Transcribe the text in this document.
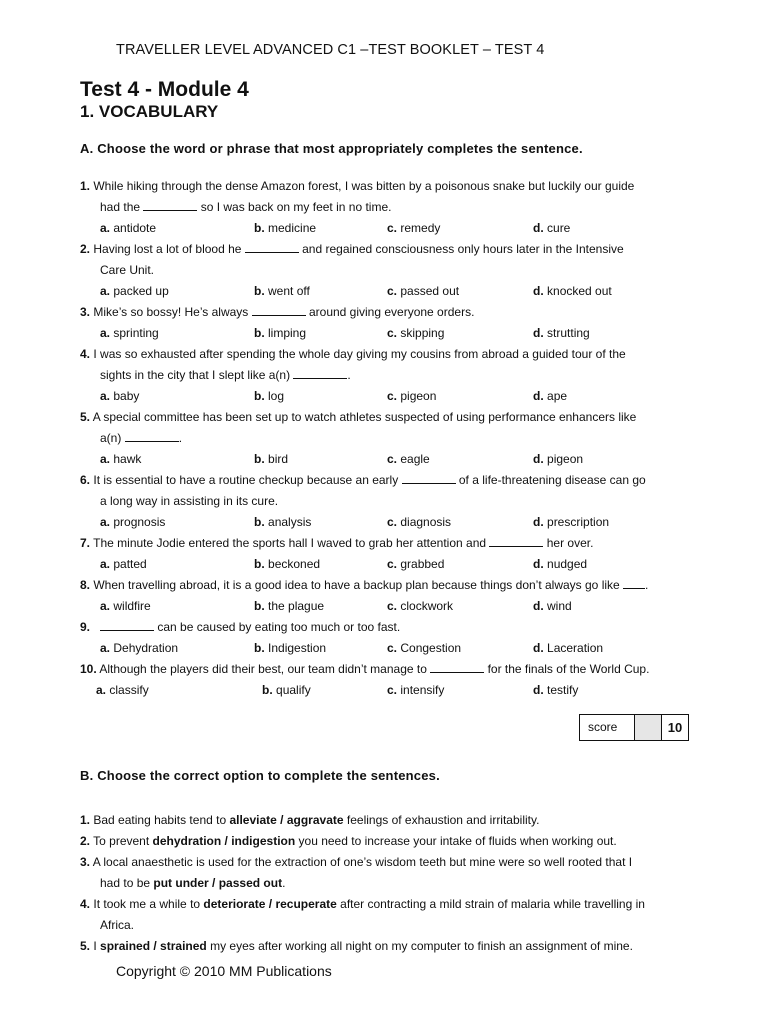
TRAVELLER LEVEL ADVANCED C1 –TEST BOOKLET – TEST 4
Test 4 - Module 4
1. VOCABULARY
A. Choose the word or phrase that most appropriately completes the sentence.
1. While hiking through the dense Amazon forest, I was bitten by a poisonous snake but luckily our guide
had the	so I was back on my feet in no time.
a. antidote	b. medicine	c. remedy	d. cure
2. Having lost a lot of blood he	and regained consciousness only hours later in the Intensive
Care Unit.
a. packed up	b. went off	c. passed out	d. knocked out
3. Mike’s so bossy! He’s always	around giving everyone orders.
a. sprinting	b. limping	c. skipping	d. strutting
4. I was so exhausted after spending the whole day giving my cousins from abroad a guided tour of the
sights in the city that I slept like a(n)	.
a. baby	b. log	c. pigeon	d. ape
5. A special committee has been set up to watch athletes suspected of using performance enhancers like
a(n)	.
a. hawk	b. bird	c. eagle	d. pigeon
6. It is essential to have a routine checkup because an early	of a life-threatening disease can go
a long way in assisting in its cure.
a. prognosis	b. analysis	c. diagnosis	d. prescription
7. The minute Jodie entered the sports hall I waved to grab her attention and	her over.
a. patted	b. beckoned	c. grabbed	d. nudged
8. When travelling abroad, it is a good idea to have a backup plan because things don’t always go like .
a. wildfire	b. the plague	c. clockwork	d. wind
9.	can be caused by eating too much or too fast.
a. Dehydration	b. Indigestion	c. Congestion	d. Laceration
10. Although the players did their best, our team didn’t manage to	for the finals of the World Cup.
a. classify	b. qualify	c. intensify	d. testify
score	10
B. Choose the correct option to complete the sentences.
1. Bad eating habits tend to alleviate / aggravate feelings of exhaustion and irritability.
2. To prevent dehydration / indigestion you need to increase your intake of fluids when working out.
3. A local anaesthetic is used for the extraction of one’s wisdom teeth but mine were so well rooted that I
had to be put under / passed out.
4. It took me a while to deteriorate / recuperate after contracting a mild strain of malaria while travelling in
Africa.
5. I sprained / strained my eyes after working all night on my computer to finish an assignment of mine.
Copyright © 2010 MM Publications
